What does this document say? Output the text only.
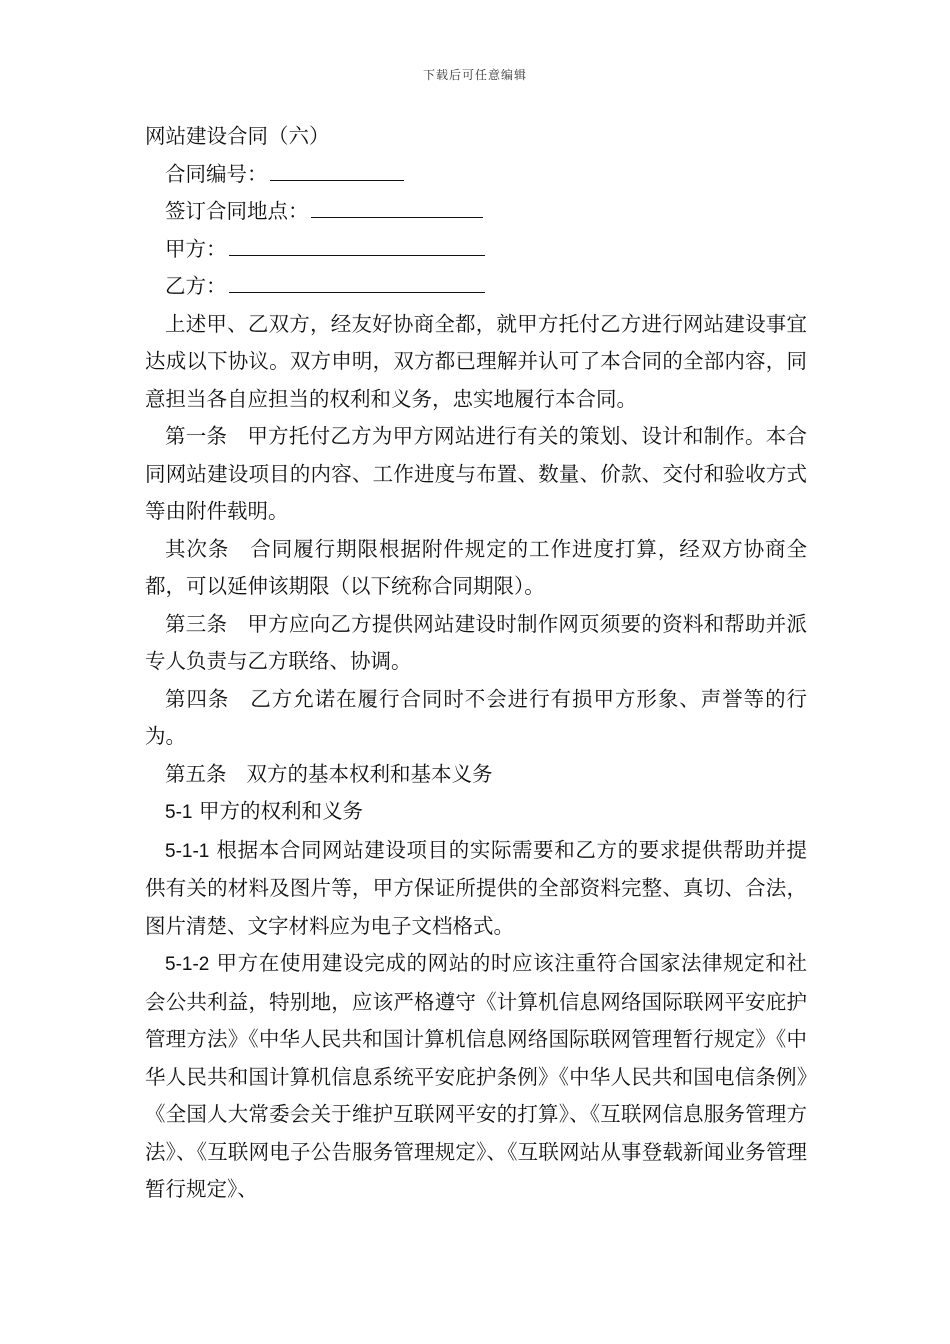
下载后可任意编辑
网站建设合同（六）
合同编号：
签订合同地点：
甲方：
乙方：

上述甲、乙双方，经友好协商全都，就甲方托付乙方进行网站建设事宜达成以下协议。双方申明，双方都已理解并认可了本合同的全部内容，同意担当各自应担当的权利和义务，忠实地履行本合同。

第一条 甲方托付乙方为甲方网站进行有关的策划、设计和制作。本合同网站建设项目的内容、工作进度与布置、数量、价款、交付和验收方式等由附件载明。

其次条 合同履行期限根据附件规定的工作进度打算，经双方协商全都，可以延伸该期限（以下统称合同期限）。

第三条 甲方应向乙方提供网站建设时制作网页须要的资料和帮助并派专人负责与乙方联络、协调。

第四条 乙方允诺在履行合同时不会进行有损甲方形象、声誉等的行为。

第五条 双方的基本权利和基本义务

5-1 甲方的权利和义务

5-1-1 根据本合同网站建设项目的实际需要和乙方的要求提供帮助并提供有关的材料及图片等，甲方保证所提供的全部资料完整、真切、合法，图片清楚、文字材料应为电子文档格式。

5-1-2 甲方在使用建设完成的网站的时应该注重符合国家法律规定和社会公共利益，特别地，应该严格遵守《计算机信息网络国际联网平安庇护管理方法》《中华人民共和国计算机信息网络国际联网管理暂行规定》《中华人民共和国计算机信息系统平安庇护条例》《中华人民共和国电信条例》《全国人大常委会关于维护互联网平安的打算》、《互联网信息服务管理方法》、《互联网电子公告服务管理规定》、《互联网站从事登载新闻业务管理暂行规定》、
